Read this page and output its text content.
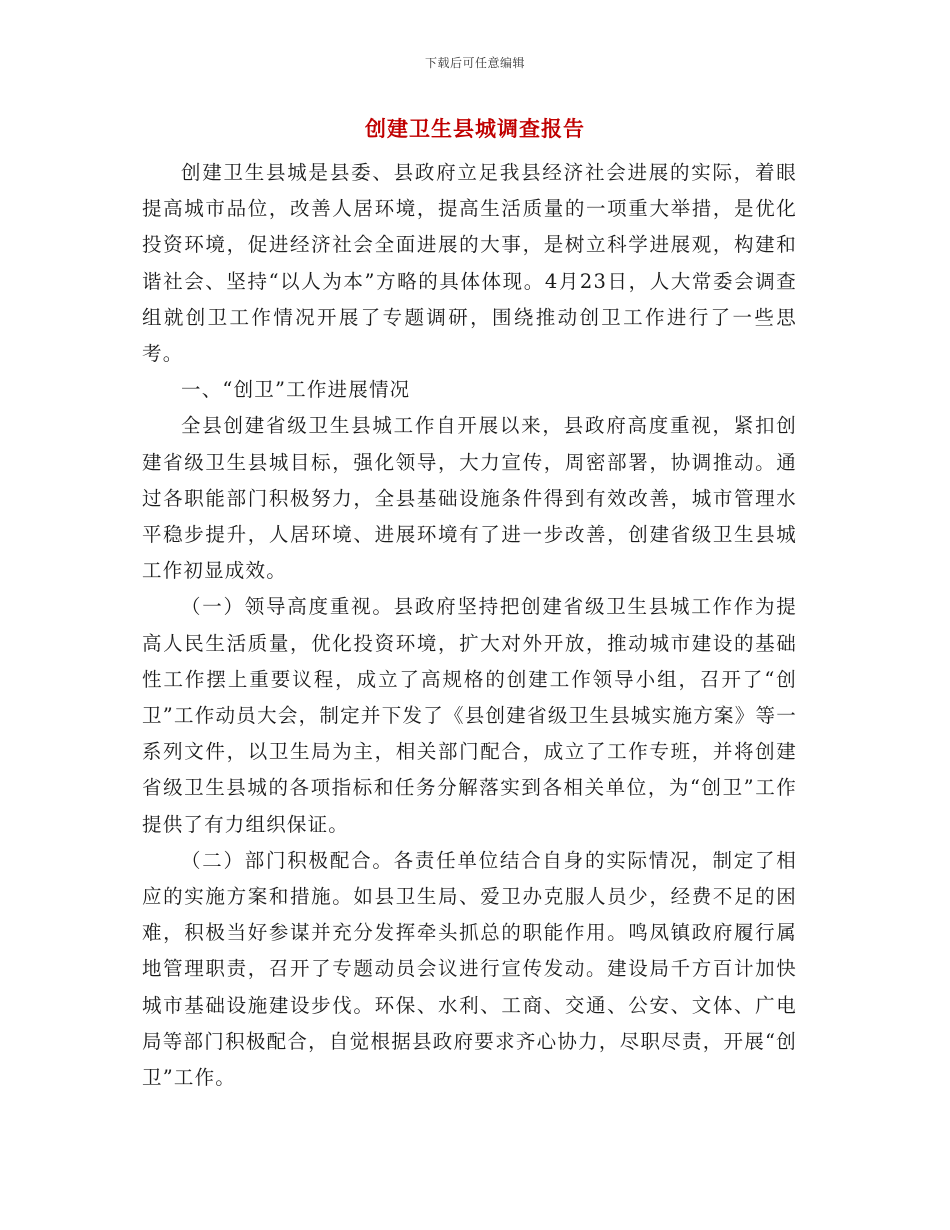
下载后可任意编辑
创建卫生县城调查报告

创建卫生县城是县委、县政府立足我县经济社会进展的实际，着眼提高城市品位，改善人居环境，提高生活质量的一项重大举措，是优化投资环境，促进经济社会全面进展的大事，是树立科学进展观，构建和谐社会、坚持“以人为本”方略的具体体现。4月23日，人大常委会调查组就创卫工作情况开展了专题调研，围绕推动创卫工作进行了一些思考。

一、“创卫”工作进展情况

全县创建省级卫生县城工作自开展以来，县政府高度重视，紧扣创建省级卫生县城目标，强化领导，大力宣传，周密部署，协调推动。通过各职能部门积极努力，全县基础设施条件得到有效改善，城市管理水平稳步提升，人居环境、进展环境有了进一步改善，创建省级卫生县城工作初显成效。

（一）领导高度重视。县政府坚持把创建省级卫生县城工作作为提高人民生活质量，优化投资环境，扩大对外开放，推动城市建设的基础性工作摆上重要议程，成立了高规格的创建工作领导小组，召开了“创卫”工作动员大会，制定并下发了《县创建省级卫生县城实施方案》等一系列文件，以卫生局为主，相关部门配合，成立了工作专班，并将创建省级卫生县城的各项指标和任务分解落实到各相关单位，为“创卫”工作提供了有力组织保证。

（二）部门积极配合。各责任单位结合自身的实际情况，制定了相应的实施方案和措施。如县卫生局、爱卫办克服人员少，经费不足的困难，积极当好参谋并充分发挥牵头抓总的职能作用。鸣凤镇政府履行属地管理职责，召开了专题动员会议进行宣传发动。建设局千方百计加快城市基础设施建设步伐。环保、水利、工商、交通、公安、文体、广电局等部门积极配合，自觉根据县政府要求齐心协力，尽职尽责，开展“创卫”工作。
